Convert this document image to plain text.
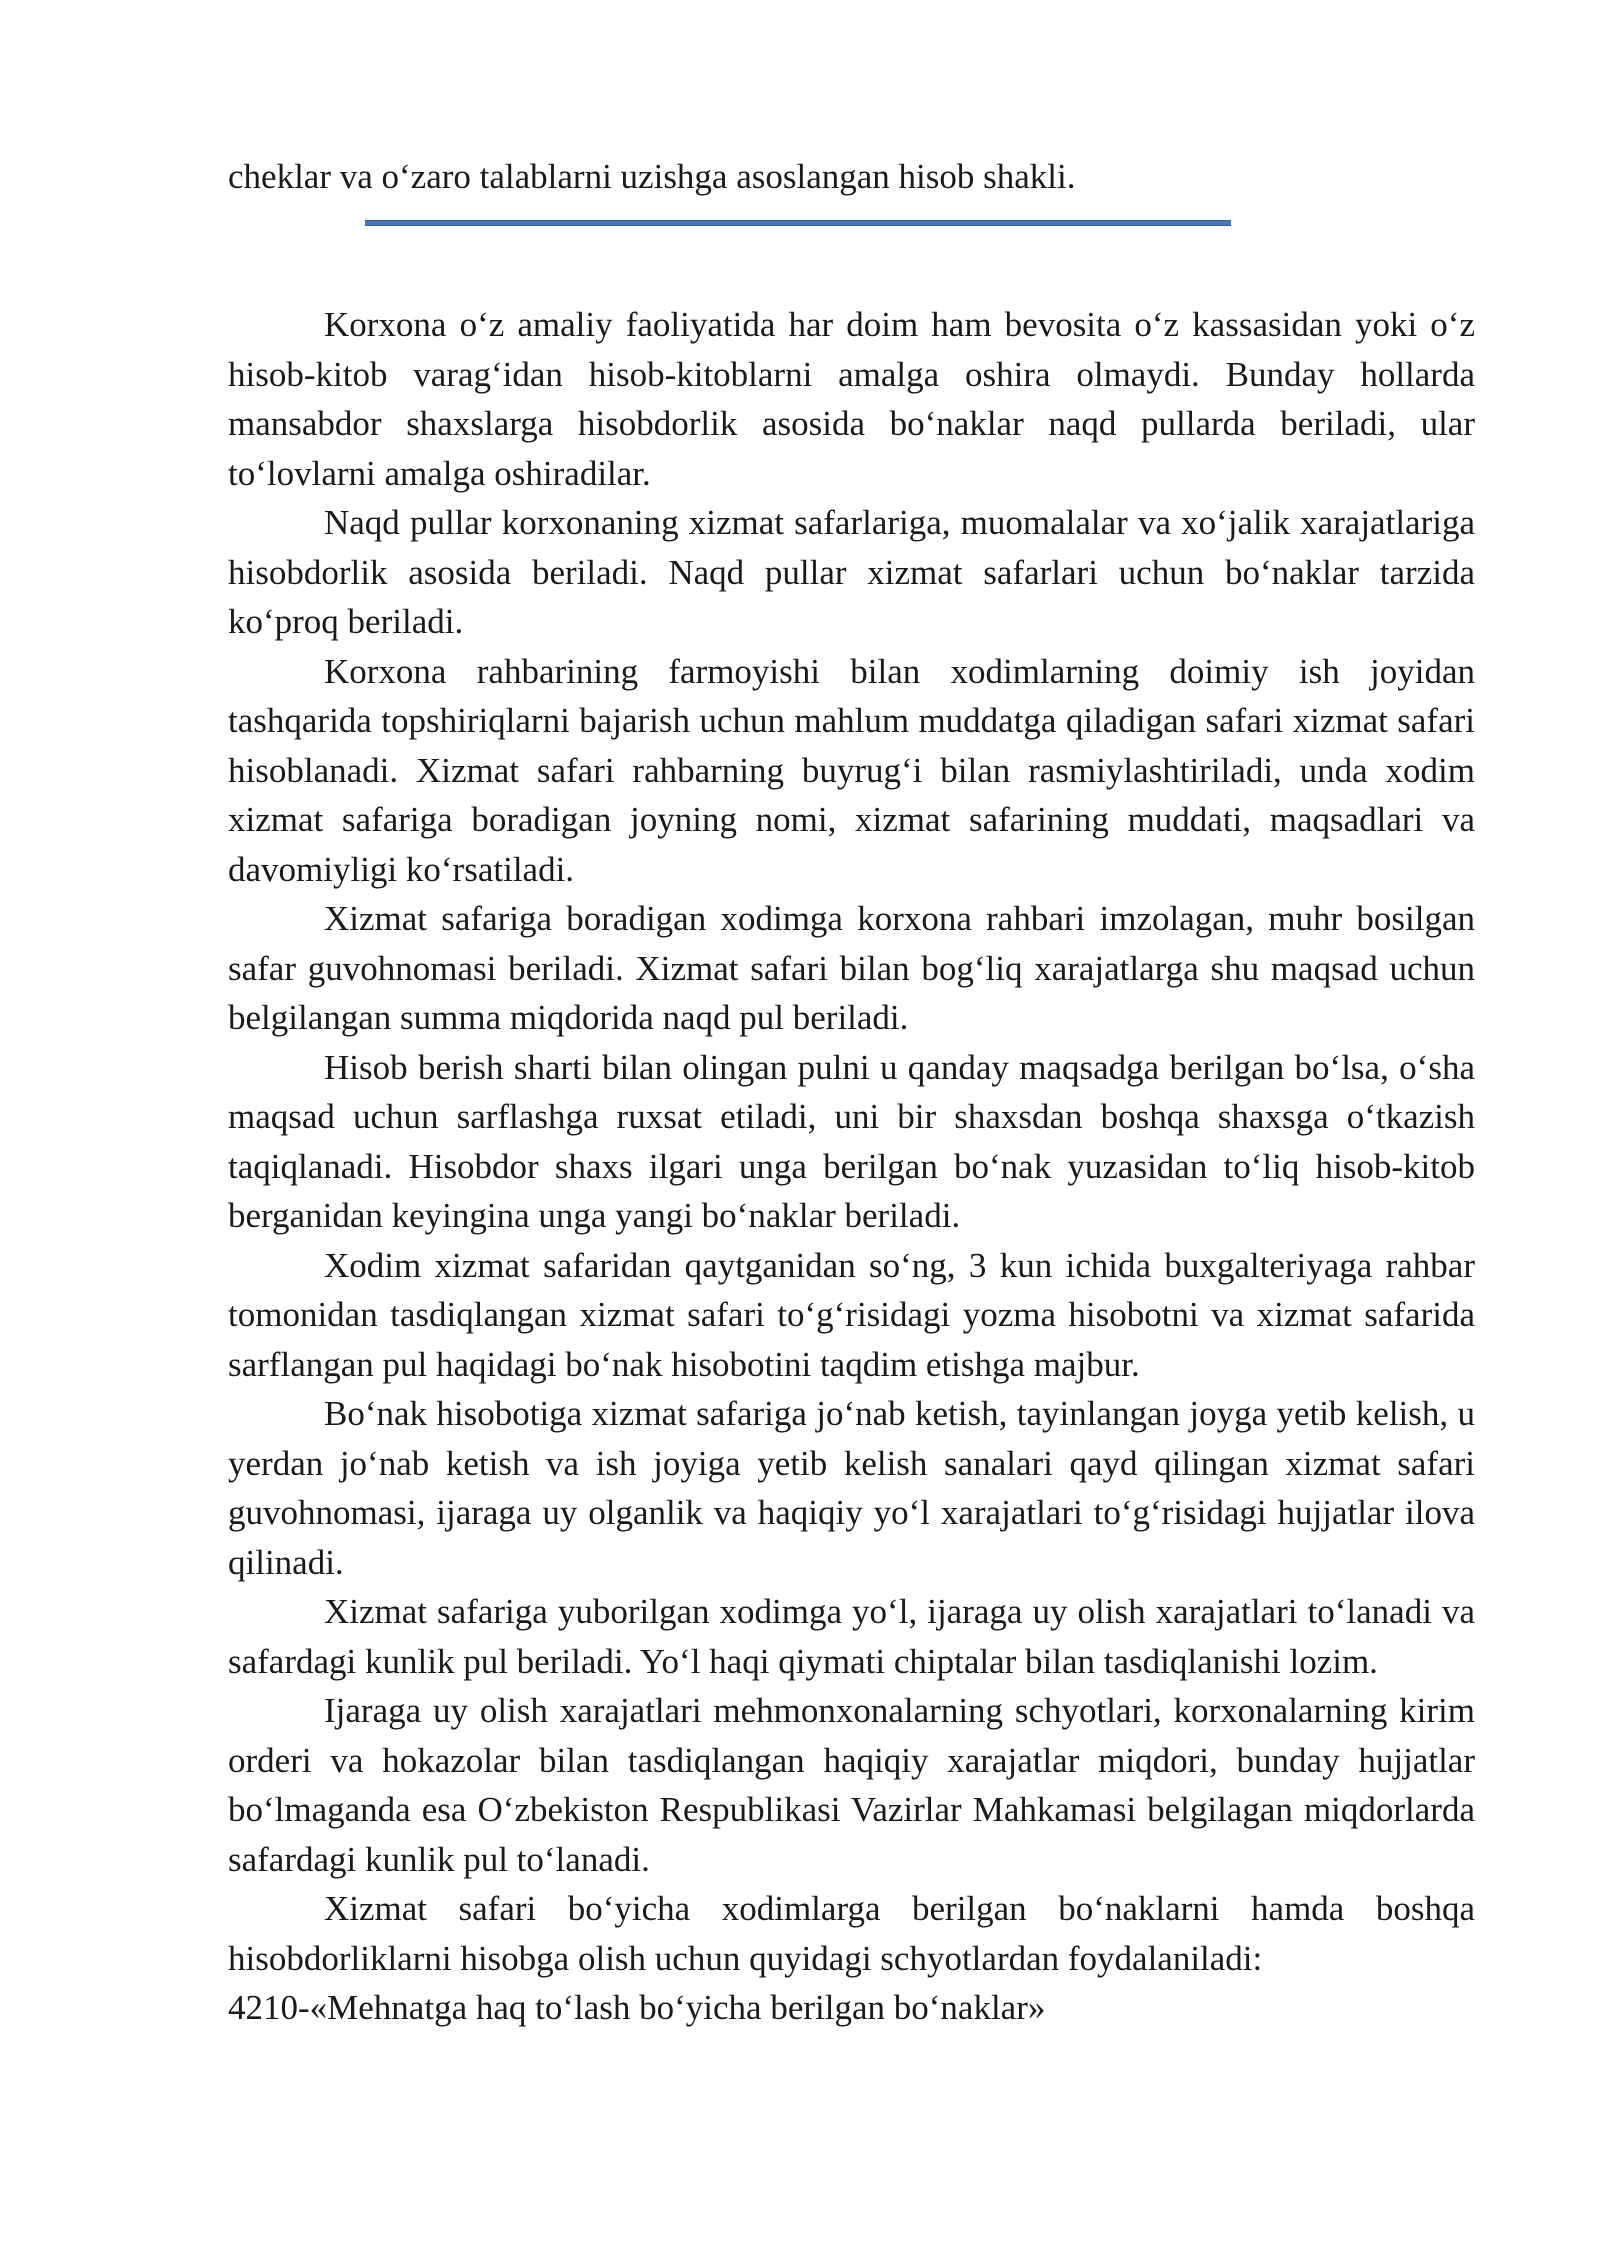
cheklar va o‘zaro talablarni uzishga asoslangan hisob shakli.

Korxona o‘z amaliy faoliyatida har doim ham bevosita o‘z kassasidan yoki o‘z hisob-kitob varag‘idan hisob-kitoblarni amalga oshira olmaydi. Bunday hollarda mansabdor shaxslarga hisobdorlik asosida bo‘naklar naqd pullarda beriladi, ular to‘lovlarni amalga oshiradilar.

Naqd pullar korxonaning xizmat safarlariga, muomalalar va xo‘jalik xarajatlariga hisobdorlik asosida beriladi. Naqd pullar xizmat safarlari uchun bo‘naklar tarzida ko‘proq beriladi.

Korxona rahbarining farmoyishi bilan xodimlarning doimiy ish joyidan tashqarida topshiriqlarni bajarish uchun mahlum muddatga qiladigan safari xizmat safari hisoblanadi. Xizmat safari rahbarning buyrug‘i bilan rasmiylashtiriladi, unda xodim xizmat safariga boradigan joyning nomi, xizmat safarining muddati, maqsadlari va davomiyligi ko‘rsatiladi.

Xizmat safariga boradigan xodimga korxona rahbari imzolagan, muhr bosilgan safar guvohnomasi beriladi. Xizmat safari bilan bog‘liq xarajatlarga shu maqsad uchun belgilangan summa miqdorida naqd pul beriladi.

Hisob berish sharti bilan olingan pulni u qanday maqsadga berilgan bo‘lsa, o‘sha maqsad uchun sarflashga ruxsat etiladi, uni bir shaxsdan boshqa shaxsga o‘tkazish taqiqlanadi. Hisobdor shaxs ilgari unga berilgan bo‘nak yuzasidan to‘liq hisob-kitob berganidan keyingina unga yangi bo‘naklar beriladi.

Xodim xizmat safaridan qaytganidan so‘ng, 3 kun ichida buxgalteriyaga rahbar tomonidan tasdiqlangan xizmat safari to‘g‘risidagi yozma hisobotni va xizmat safarida sarflangan pul haqidagi bo‘nak hisobotini taqdim etishga majbur.

Bo‘nak hisobotiga xizmat safariga jo‘nab ketish, tayinlangan joyga yetib kelish, u yerdan jo‘nab ketish va ish joyiga yetib kelish sanalari qayd qilingan xizmat safari guvohnomasi, ijaraga uy olganlik va haqiqiy yo‘l xarajatlari to‘g‘risidagi hujjatlar ilova qilinadi.

Xizmat safariga yuborilgan xodimga yo‘l, ijaraga uy olish xarajatlari to‘lanadi va safardagi kunlik pul beriladi. Yo‘l haqi qiymati chiptalar bilan tasdiqlanishi lozim.

Ijaraga uy olish xarajatlari mehmonxonalarning schyotlari, korxonalarning kirim orderi va hokazolar bilan tasdiqlangan haqiqiy xarajatlar miqdori, bunday hujjatlar bo‘lmaganda esa O‘zbekiston Respublikasi Vazirlar Mahkamasi belgilagan miqdorlarda safardagi kunlik pul to‘lanadi.

Xizmat safari bo‘yicha xodimlarga berilgan bo‘naklarni hamda boshqa hisobdorliklarni hisobga olish uchun quyidagi schyotlardan foydalaniladi:

4210-«Mehnatga haq to‘lash bo‘yicha berilgan bo‘naklar»
